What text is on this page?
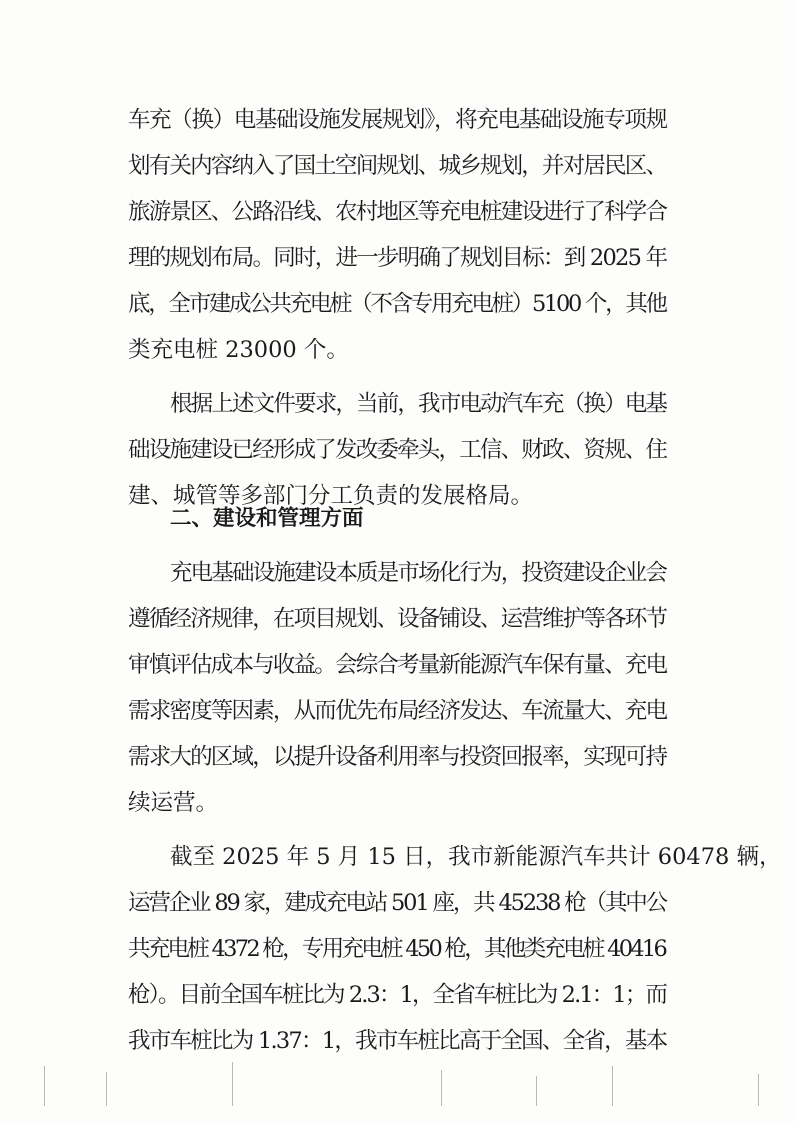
车充（换）电基础设施发展规划》，将充电基础设施专项规
划有关内容纳入了国土空间规划、城乡规划，并对居民区、
旅游景区、公路沿线、农村地区等充电桩建设进行了科学合
理的规划布局。同时，进一步明确了规划目标：到 2025 年
底，全市建成公共充电桩（不含专用充电桩）5100 个，其他
类充电桩 23000 个。
根据上述文件要求，当前，我市电动汽车充（换）电基
础设施建设已经形成了发改委牵头，工信、财政、资规、住
建、城管等多部门分工负责的发展格局。
二、建设和管理方面
充电基础设施建设本质是市场化行为，投资建设企业会
遵循经济规律，在项目规划、设备铺设、运营维护等各环节
审慎评估成本与收益。会综合考量新能源汽车保有量、充电
需求密度等因素，从而优先布局经济发达、车流量大、充电
需求大的区域，以提升设备利用率与投资回报率，实现可持
续运营。
截至 2025 年 5 月 15 日，我市新能源汽车共计 60478 辆，
运营企业 89 家，建成充电站 501 座，共 45238 枪（其中公
共充电桩 4372 枪，专用充电桩 450 枪，其他类充电桩 40416
枪）。目前全国车桩比为 2.3：1，全省车桩比为 2.1：1；而
我市车桩比为 1.37：1，我市车桩比高于全国、全省，基本
